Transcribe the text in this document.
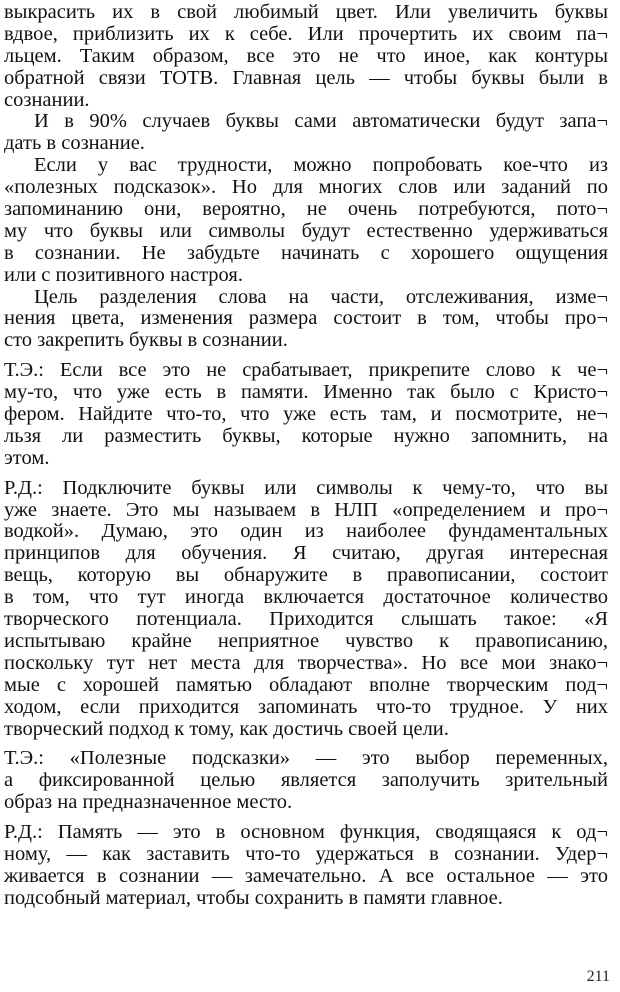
выкрасить их в свой любимый цвет. Или увеличить буквы
вдвое, приблизить их к себе. Или прочертить их своим па¬
льцем. Таким образом, все это не что иное, как контуры
обратной связи ТОТВ. Главная цель — чтобы буквы были в
сознании.
И в 90% случаев буквы сами автоматически будут запа¬
дать в сознание.
Если у вас трудности, можно попробовать кое-что из
«полезных подсказок». Но для многих слов или заданий по
запоминанию они, вероятно, не очень потребуются, пото¬
му что буквы или символы будут естественно удерживаться
в сознании. Не забудьте начинать с хорошего ощущения
или с позитивного настроя.
Цель разделения слова на части, отслеживания, изме¬
нения цвета, изменения размера состоит в том, чтобы про¬
сто закрепить буквы в сознании.
Т.Э.: Если все это не срабатывает, прикрепите слово к че¬
му-то, что уже есть в памяти. Именно так было с Кристо¬
фером. Найдите что-то, что уже есть там, и посмотрите, не¬
льзя ли разместить буквы, которые нужно запомнить, на
этом.
Р.Д.: Подключите буквы или символы к чему-то, что вы
уже знаете. Это мы называем в НЛП «определением и про¬
водкой». Думаю, это один из наиболее фундаментальных
принципов для обучения. Я считаю, другая интересная
вещь, которую вы обнаружите в правописании, состоит
в том, что тут иногда включается достаточное количество
творческого потенциала. Приходится слышать такое: «Я
испытываю крайне неприятное чувство к правописанию,
поскольку тут нет места для творчества». Но все мои знако¬
мые с хорошей памятью обладают вполне творческим под¬
ходом, если приходится запоминать что-то трудное. У них
творческий подход к тому, как достичь своей цели.
Т.Э.: «Полезные подсказки» — это выбор переменных,
а фиксированной целью является заполучить зрительный
образ на предназначенное место.
Р.Д.: Память — это в основном функция, сводящаяся к од¬
ному, — как заставить что-то удержаться в сознании. Удер¬
живается в сознании — замечательно. А все остальное — это
подсобный материал, чтобы сохранить в памяти главное.
211
